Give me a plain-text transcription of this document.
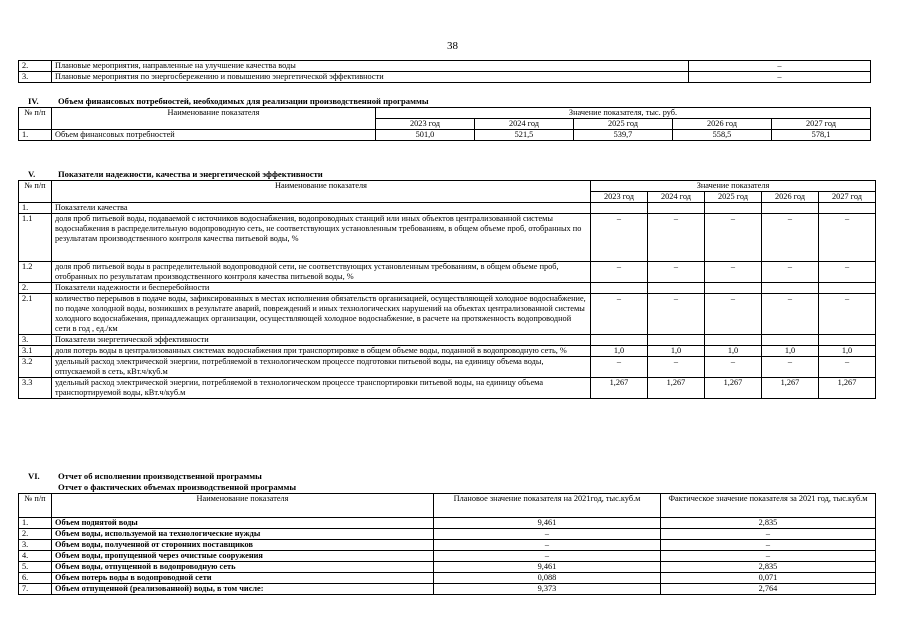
38
2.	Плановые мероприятия, направленные на улучшение качества воды	–
3.	Плановые мероприятия по энергосбережению и повышению энергетической эффективности	–
IV. Объем финансовых потребностей, необходимых для реализации производственной программы
№ п/п	Наименование показателя	Значение показателя, тыс. руб.				
		2023 год	2024 год	2025 год	2026 год	2027 год
1.	Объем финансовых потребностей	501,0	521,5	539,7	558,5	578,1
V.	Показатели надежности, качества и энергетической эффективности
№ п/п	Наименование показателя	Значение показателя				
		2023 год	2024 год	2025 год	2026 год	2027 год
1.	Показатели качества					
1.1	доля проб питьевой воды, подаваемой с источников водоснабжения, водопроводных станций или иных объектов централизованной системы водоснабжения в распределительную водопроводную сеть, не соответствующих установленным требованиям, в общем объеме проб, отобранных по результатам производственного контроля качества питьевой воды, %	–	–	–	–	–
1.2	доля проб питьевой воды в распределительной водопроводной сети, не соответствующих установленным требованиям, в общем объеме проб, отобранных по результатам производственного контроля качества питьевой воды, %	–	–	–	–	–
2.	Показатели надежности и бесперебойности					
2.1	количество перерывов в подаче воды, зафиксированных в местах исполнения обязательств организацией, осуществляющей холодное водоснабжение, по подаче холодной воды, возникших в результате аварий, повреждений и иных технологических нарушений на объектах централизованной системы холодного водоснабжения, принадлежащих организации, осуществляющей холодное водоснабжение, в расчете на протяженность водопроводной сети в год , ед./км	–	–	–	–	–
3.	Показатели энергетической эффективности					
3.1	доля потерь воды в централизованных системах водоснабжения при транспортировке в общем объеме воды, поданной в водопроводную сеть, %	1,0	1,0	1,0	1,0	1,0
3.2	удельный расход электрической энергии, потребляемой в технологическом процессе подготовки питьевой воды, на единицу объема воды, отпускаемой в сеть, кВт.ч/куб.м	–	–	–	–	–
3.3	удельный расход электрической энергии, потребляемой в технологическом процессе транспортировки питьевой воды, на единицу объема транспортируемой воды, кВт.ч/куб.м	1,267	1,267	1,267	1,267	1,267
VI. Отчет об исполнении производственной программы
Отчет о фактических объемах производственной программы
№ п/п	Наименование показателя	Плановое значение показателя на 2021год, тыс.куб.м	Фактическое значение показателя за 2021 год, тыс.куб.м
1.	Объем поднятой воды	9,461	2,835
2.	Объем воды, используемой на технологические нужды	–	–
3.	Объем воды, полученной от сторонних поставщиков	–	–
4.	Объем воды, пропущенной через очистные сооружения	–	–
5.	Объем воды, отпущенной в водопроводную сеть	9,461	2,835
6.	Объем потерь воды в водопроводной сети	0,088	0,071
7.	Объем отпущенной (реализованной) воды, в том числе:	9,373	2,764
